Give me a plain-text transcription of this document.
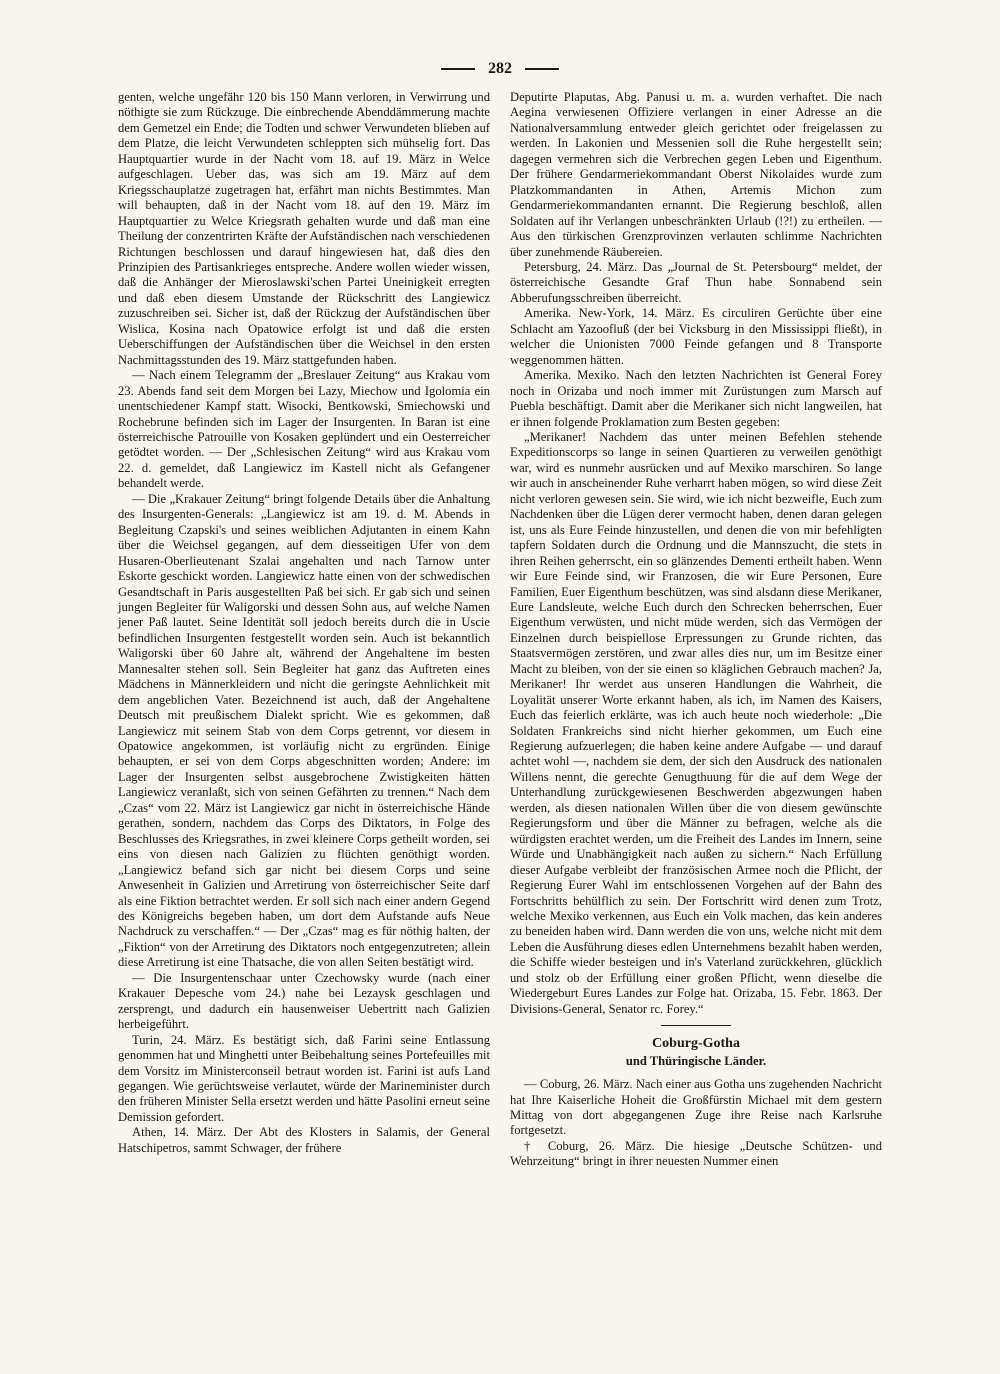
282

genten, welche ungefähr 120 bis 150 Mann verloren, in Verwirrung und nöthigte sie zum Rückzuge. Die einbrechende Abenddämmerung machte dem Gemetzel ein Ende; die Todten und schwer Verwundeten blieben auf dem Platze, die leicht Verwundeten schleppten sich mühselig fort. Das Hauptquartier wurde in der Nacht vom 18. auf 19. März in Welce aufgeschlagen. Ueber das, was sich am 19. März auf dem Kriegsschauplatze zugetragen hat, erfährt man nichts Bestimmtes. Man will behaupten, daß in der Nacht vom 18. auf den 19. März im Hauptquartier zu Welce Kriegsrath gehalten wurde und daß man eine Theilung der conzentrirten Kräfte der Aufständischen nach verschiedenen Richtungen beschlossen und darauf hingewiesen hat, daß dies den Prinzipien des Partisankrieges entspreche. Andere wollen wieder wissen, daß die Anhänger der Mieroslawski'schen Partei Uneinigkeit erregten und daß eben diesem Umstande der Rückschritt des Langiewicz zuzuschreiben sei. Sicher ist, daß der Rückzug der Aufständischen über Wislica, Kosina nach Opatowice erfolgt ist und daß die ersten Ueberschiffungen der Aufständischen über die Weichsel in den ersten Nachmittagsstunden des 19. März stattgefunden haben.

— Nach einem Telegramm der „Breslauer Zeitung“ aus Krakau vom 23. Abends fand seit dem Morgen bei Lazy, Miechow und Igolomia ein unentschiedener Kampf statt. Wisocki, Bentkowski, Smiechowski und Rochebrune befinden sich im Lager der Insurgenten. In Baran ist eine österreichische Patrouille von Kosaken geplündert und ein Oesterreicher getödtet worden. — Der „Schlesischen Zeitung“ wird aus Krakau vom 22. d. gemeldet, daß Langiewicz im Kastell nicht als Gefangener behandelt werde.

— Die „Krakauer Zeitung“ bringt folgende Details über die Anhaltung des Insurgenten-Generals: „Langiewicz ist am 19. d. M. Abends in Begleitung Czapski's und seines weiblichen Adjutanten in einem Kahn über die Weichsel gegangen, auf dem diesseitigen Ufer von dem Husaren-Oberlieutenant Szalai angehalten und nach Tarnow unter Eskorte geschickt worden. Langiewicz hatte einen von der schwedischen Gesandtschaft in Paris ausgestellten Paß bei sich. Er gab sich und seinen jungen Begleiter für Waligorski und dessen Sohn aus, auf welche Namen jener Paß lautet. Seine Identität soll jedoch bereits durch die in Uscie befindlichen Insurgenten festgestellt worden sein. Auch ist bekanntlich Waligorski über 60 Jahre alt, während der Angehaltene im besten Mannesalter stehen soll. Sein Begleiter hat ganz das Auftreten eines Mädchens in Männerkleidern und nicht die geringste Aehnlichkeit mit dem angeblichen Vater. Bezeichnend ist auch, daß der Angehaltene Deutsch mit preußischem Dialekt spricht. Wie es gekommen, daß Langiewicz mit seinem Stab von dem Corps getrennt, vor diesem in Opatowice angekommen, ist vorläufig nicht zu ergründen. Einige behaupten, er sei von dem Corps abgeschnitten worden; Andere: im Lager der Insurgenten selbst ausgebrochene Zwistigkeiten hätten Langiewicz veranlaßt, sich von seinen Gefährten zu trennen.“ Nach dem „Czas“ vom 22. März ist Langiewicz gar nicht in österreichische Hände gerathen, sondern, nachdem das Corps des Diktators, in Folge des Beschlusses des Kriegsrathes, in zwei kleinere Corps getheilt worden, sei eins von diesen nach Galizien zu flüchten genöthigt worden. „Langiewicz befand sich gar nicht bei diesem Corps und seine Anwesenheit in Galizien und Arretirung von österreichischer Seite darf als eine Fiktion betrachtet werden. Er soll sich nach einer andern Gegend des Königreichs begeben haben, um dort dem Aufstande aufs Neue Nachdruck zu verschaffen.“ — Der „Czas“ mag es für nöthig halten, der „Fiktion“ von der Arretirung des Diktators noch entgegenzutreten; allein diese Arretirung ist eine Thatsache, die von allen Seiten bestätigt wird.

— Die Insurgentenschaar unter Czechowsky wurde (nach einer Krakauer Depesche vom 24.) nahe bei Lezaysk geschlagen und zersprengt, und dadurch ein hausenweiser Uebertritt nach Galizien herbeigeführt.

Turin, 24. März. Es bestätigt sich, daß Farini seine Entlassung genommen hat und Minghetti unter Beibehaltung seines Portefeuilles mit dem Vorsitz im Ministerconseil betraut worden ist. Farini ist aufs Land gegangen. Wie gerüchtsweise verlautet, würde der Marineminister durch den früheren Minister Sella ersetzt werden und hätte Pasolini erneut seine Demission gefordert.

Athen, 14. März. Der Abt des Klosters in Salamis, der General Hatschipetros, sammt Schwager, der frühere

Deputirte Plaputas, Abg. Panusi u. m. a. wurden verhaftet. Die nach Aegina verwiesenen Offiziere verlangen in einer Adresse an die Nationalversammlung entweder gleich gerichtet oder freigelassen zu werden. In Lakonien und Messenien soll die Ruhe hergestellt sein; dagegen vermehren sich die Verbrechen gegen Leben und Eigenthum. Der frühere Gendarmeriekommandant Oberst Nikolaides wurde zum Platzkommandanten in Athen, Artemis Michon zum Gendarmeriekommandanten ernannt. Die Regierung beschloß, allen Soldaten auf ihr Verlangen unbeschränkten Urlaub (!?!) zu ertheilen. — Aus den türkischen Grenzprovinzen verlauten schlimme Nachrichten über zunehmende Räubereien.

Petersburg, 24. März. Das „Journal de St. Petersbourg“ meldet, der österreichische Gesandte Graf Thun habe Sonnabend sein Abberufungsschreiben überreicht.

Amerika. New-York, 14. März. Es circuliren Gerüchte über eine Schlacht am Yazoofluß (der bei Vicksburg in den Mississippi fließt), in welcher die Unionisten 7000 Feinde gefangen und 8 Transporte weggenommen hätten.

Amerika. Mexiko. Nach den letzten Nachrichten ist General Forey noch in Orizaba und noch immer mit Zurüstungen zum Marsch auf Puebla beschäftigt. Damit aber die Merikaner sich nicht langweilen, hat er ihnen folgende Proklamation zum Besten gegeben:

„Merikaner! Nachdem das unter meinen Befehlen stehende Expeditionscorps so lange in seinen Quartieren zu verweilen genöthigt war, wird es nunmehr ausrücken und auf Mexiko marschiren. So lange wir auch in anscheinender Ruhe verharrt haben mögen, so wird diese Zeit nicht verloren gewesen sein. Sie wird, wie ich nicht bezweifle, Euch zum Nachdenken über die Lügen derer vermocht haben, denen daran gelegen ist, uns als Eure Feinde hinzustellen, und denen die von mir befehligten tapfern Soldaten durch die Ordnung und die Mannszucht, die stets in ihren Reihen geherrscht, ein so glänzendes Dementi ertheilt haben. Wenn wir Eure Feinde sind, wir Franzosen, die wir Eure Personen, Eure Familien, Euer Eigenthum beschützen, was sind alsdann diese Merikaner, Eure Landsleute, welche Euch durch den Schrecken beherrschen, Euer Eigenthum verwüsten, und nicht müde werden, sich das Vermögen der Einzelnen durch beispiellose Erpressungen zu Grunde richten, das Staatsvermögen zerstören, und zwar alles dies nur, um im Besitze einer Macht zu bleiben, von der sie einen so kläglichen Gebrauch machen? Ja, Merikaner! Ihr werdet aus unseren Handlungen die Wahrheit, die Loyalität unserer Worte erkannt haben, als ich, im Namen des Kaisers, Euch das feierlich erklärte, was ich auch heute noch wiederhole: „Die Soldaten Frankreichs sind nicht hierher gekommen, um Euch eine Regierung aufzuerlegen; die haben keine andere Aufgabe — und darauf achtet wohl —, nachdem sie dem, der sich den Ausdruck des nationalen Willens nennt, die gerechte Genugthuung für die auf dem Wege der Unterhandlung zurückgewiesenen Beschwerden abgezwungen haben werden, als diesen nationalen Willen über die von diesem gewünschte Regierungsform und über die Männer zu befragen, welche als die würdigsten erachtet werden, um die Freiheit des Landes im Innern, seine Würde und Unabhängigkeit nach außen zu sichern.“ Nach Erfüllung dieser Aufgabe verbleibt der französischen Armee noch die Pflicht, der Regierung Eurer Wahl im entschlossenen Vorgehen auf der Bahn des Fortschritts behülflich zu sein. Der Fortschritt wird denen zum Trotz, welche Mexiko verkennen, aus Euch ein Volk machen, das kein anderes zu beneiden haben wird. Dann werden die von uns, welche nicht mit dem Leben die Ausführung dieses edlen Unternehmens bezahlt haben werden, die Schiffe wieder besteigen und in's Vaterland zurückkehren, glücklich und stolz ob der Erfüllung einer großen Pflicht, wenn dieselbe die Wiedergeburt Eures Landes zur Folge hat. Orizaba, 15. Febr. 1863. Der Divisions-General, Senator rc. Forey.“

Coburg-Gotha
und Thüringische Länder.

— Coburg, 26. März. Nach einer aus Gotha uns zugehenden Nachricht hat Ihre Kaiserliche Hoheit die Großfürstin Michael mit dem gestern Mittag von dort abgegangenen Zuge ihre Reise nach Karlsruhe fortgesetzt.

† Coburg, 26. März. Die hiesige „Deutsche Schützen- und Wehrzeitung“ bringt in ihrer neuesten Nummer einen
